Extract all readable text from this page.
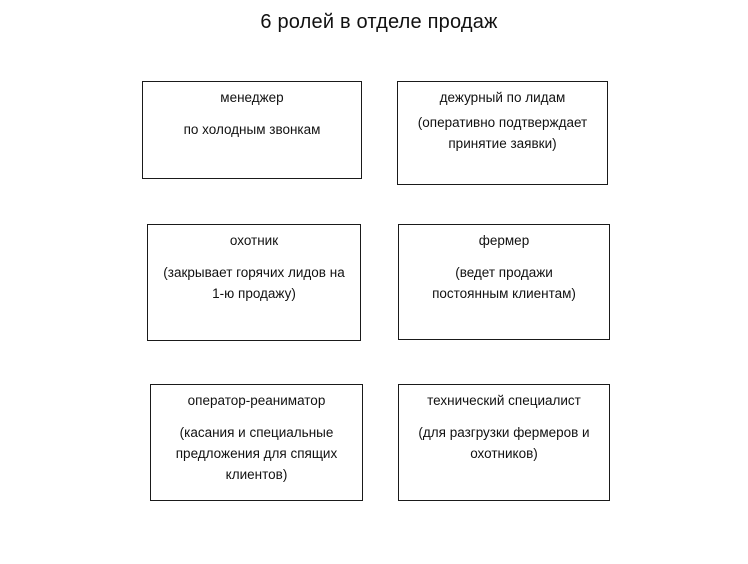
6 ролей в отделе продаж
менеджер
по холодным звонкам
дежурный по лидам
(оперативно подтверждает принятие заявки)
охотник
(закрывает горячих лидов на 1-ю продажу)
фермер
(ведет продажи постоянным клиентам)
оператор-реаниматор
(касания и специальные предложения для спящих клиентов)
технический специалист
(для разгрузки фермеров и охотников)
